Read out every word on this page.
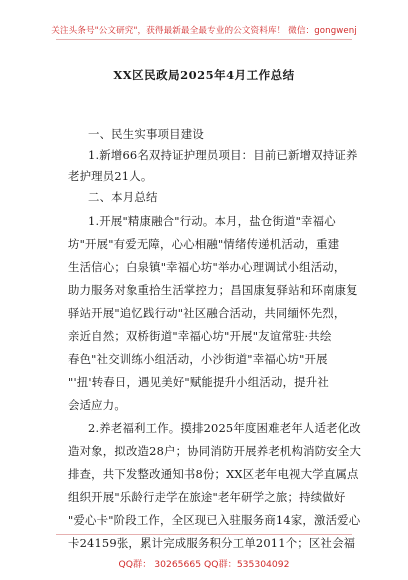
关注头条号"公文研究"，获得最新最全最专业的公文资料库！ 微信：gongwenj
XX区民政局2025年4月工作总结
一、民生实事项目建设
1.新增66名双持证护理员项目：目前已新增双持证养
老护理员21人。
二、本月总结
1.开展"精康融合"行动。本月，盐仓街道"幸福心
坊"开展"有爱无障，心心相融"情绪传递机活动，重建
生活信心；白泉镇"幸福心坊"举办心理调试小组活动，
助力服务对象重拾生活掌控力；昌国康复驿站和环南康复
驿站开展"追忆践行动"社区融合活动，共同缅怀先烈，
亲近自然；双桥街道"幸福心坊"开展"友谊常驻·共绘
春色"社交训练小组活动，小沙街道"幸福心坊"开展
"'扭'转春日，遇见美好"赋能提升小组活动，提升社
会适应力。
2.养老福利工作。摸排2025年度困难老年人适老化改
造对象，拟改造28户；协同消防开展养老机构消防安全大
排查，共下发整改通知书8份；XX区老年电视大学直属点
组织开展"乐龄行走学在旅途"老年研学之旅；持续做好
"爱心卡"阶段工作，全区现已入驻服务商14家，激活爱心
卡24159张，累计完成服务积分工单2011个；区社会福
QQ群： 30265665 QQ群：535304092
